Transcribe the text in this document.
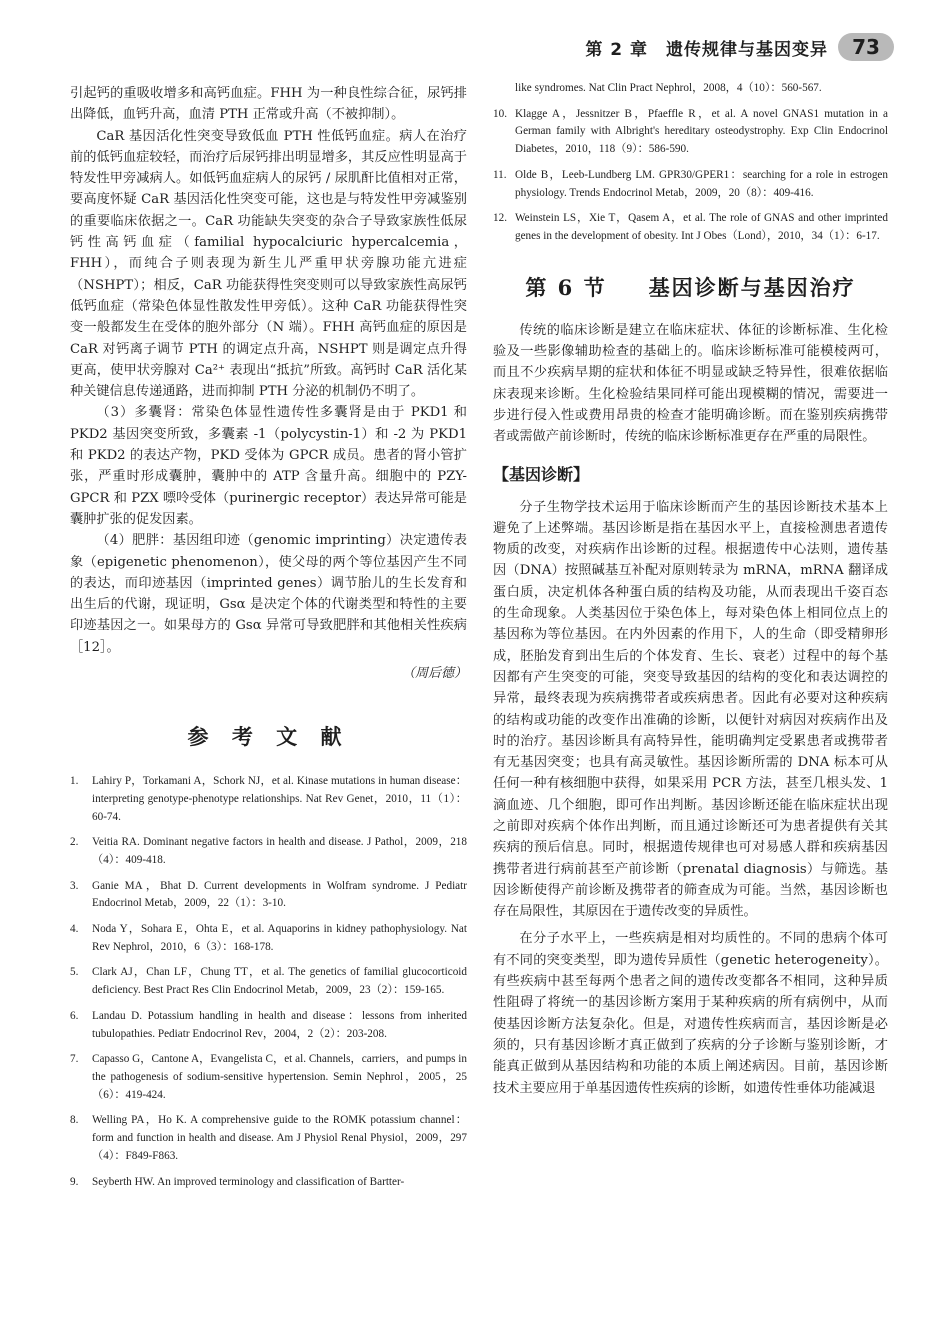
第 2 章　遗传规律与基因变异	73

引起钙的重吸收增多和高钙血症。FHH 为一种良性综合征，尿钙排出降低，血钙升高，血清 PTH 正常或升高（不被抑制）。

CaR 基因活化性突变导致低血 PTH 性低钙血症。病人在治疗前的低钙血症较轻，而治疗后尿钙排出明显增多，其反应性明显高于特发性甲旁减病人。如低钙血症病人的尿钙 / 尿肌酐比值相对正常，要高度怀疑 CaR 基因活化性突变可能，这也是与特发性甲旁减鉴别的重要临床依据之一。CaR 功能缺失突变的杂合子导致家族性低尿钙性高钙血症（familial hypocalciuric hypercalcemia，FHH），而纯合子则表现为新生儿严重甲状旁腺功能亢进症（NSHPT）；相反，CaR 功能获得性突变则可以导致家族性高尿钙低钙血症（常染色体显性散发性甲旁低）。这种 CaR 功能获得性突变一般都发生在受体的胞外部分（N 端）。FHH 高钙血症的原因是 CaR 对钙离子调节 PTH 的调定点升高，NSHPT 则是调定点升得更高，使甲状旁腺对 Ca²⁺ 表现出“抵抗”所致。高钙时 CaR 活化某种关键信息传递通路，进而抑制 PTH 分泌的机制仍不明了。

（3）多囊肾：常染色体显性遗传性多囊肾是由于 PKD1 和 PKD2 基因突变所致，多囊素 -1（polycystin-1）和 -2 为 PKD1 和 PKD2 的表达产物，PKD 受体为 GPCR 成员。患者的肾小管扩张，严重时形成囊肿，囊肿中的 ATP 含量升高。细胞中的 PZY-GPCR 和 PZX 嘌呤受体（purinergic receptor）表达异常可能是囊肿扩张的促发因素。

（4）肥胖：基因组印迹（genomic imprinting）决定遗传表象（epigenetic phenomenon），使父母的两个等位基因产生不同的表达，而印迹基因（imprinted genes）调节胎儿的生长发育和出生后的代谢，现证明，Gsα 是决定个体的代谢类型和特性的主要印迹基因之一。如果母方的 Gsα 异常可导致肥胖和其他相关性疾病［12］。

（周后德）
参 考 文 献
1.	Lahiry P，Torkamani A，Schork NJ，et al. Kinase mutations in human disease：interpreting genotype-phenotype relationships. Nat Rev Genet，2010，11（1）：60-74.
2.	Veitia RA. Dominant negative factors in health and disease. J Pathol，2009，218（4）：409-418.
3.	Ganie MA，Bhat D. Current developments in Wolfram syndrome. J Pediatr Endocrinol Metab，2009，22（1）：3-10.
4.	Noda Y，Sohara E，Ohta E，et al. Aquaporins in kidney pathophysiology. Nat Rev Nephrol，2010，6（3）：168-178.
5.	Clark AJ，Chan LF，Chung TT，et al. The genetics of familial glucocorticoid deficiency. Best Pract Res Clin Endocrinol Metab，2009，23（2）：159-165.
6.	Landau D. Potassium handling in health and disease：lessons from inherited tubulopathies. Pediatr Endocrinol Rev，2004，2（2）：203-208.
7.	Capasso G，Cantone A，Evangelista C，et al. Channels，carriers，and pumps in the pathogenesis of sodium-sensitive hypertension. Semin Nephrol，2005，25（6）：419-424.
8.	Welling PA，Ho K. A comprehensive guide to the ROMK potassium channel：form and function in health and disease. Am J Physiol Renal Physiol，2009，297（4）：F849-F863.
9.	Seyberth HW. An improved terminology and classification of Bartter-
like syndromes. Nat Clin Pract Nephrol，2008，4（10）：560-567.
10. Klagge A，Jessnitzer B，Pfaeffle R，et al. A novel GNAS1 mutation in a German family with Albright's hereditary osteodystrophy. Exp Clin Endocrinol Diabetes，2010，118（9）：586-590.
11. Olde B，Leeb-Lundberg LM. GPR30/GPER1：searching for a role in estrogen physiology. Trends Endocrinol Metab，2009，20（8）：409-416.
12. Weinstein LS，Xie T，Qasem A，et al. The role of GNAS and other imprinted genes in the development of obesity. Int J Obes（Lond），2010，34（1）：6-17.
第 6 节　　 基因诊断与基因治疗

传统的临床诊断是建立在临床症状、体征的诊断标准、生化检验及一些影像辅助检查的基础上的。临床诊断标准可能模棱两可，而且不少疾病早期的症状和体征不明显或缺乏特异性，很难依据临床表现来诊断。生化检验结果同样可能出现模糊的情况，需要进一步进行侵入性或费用昂贵的检查才能明确诊断。而在鉴别疾病携带者或需做产前诊断时，传统的临床诊断标准更存在严重的局限性。

【基因诊断】

分子生物学技术运用于临床诊断而产生的基因诊断技术基本上避免了上述弊端。基因诊断是指在基因水平上，直接检测患者遗传物质的改变，对疾病作出诊断的过程。根据遗传中心法则，遗传基因（DNA）按照碱基互补配对原则转录为 mRNA，mRNA 翻译成蛋白质，决定机体各种蛋白质的结构及功能，从而表现出千姿百态的生命现象。人类基因位于染色体上，每对染色体上相同位点上的基因称为等位基因。在内外因素的作用下，人的生命（即受精卵形成，胚胎发育到出生后的个体发育、生长、衰老）过程中的每个基因都有产生突变的可能，突变导致基因的结构的变化和表达调控的异常，最终表现为疾病携带者或疾病患者。因此有必要对这种疾病的结构或功能的改变作出准确的诊断，以便针对病因对疾病作出及时的治疗。基因诊断具有高特异性，能明确判定受累患者或携带者有无基因突变；也具有高灵敏性。基因诊断所需的 DNA 标本可从任何一种有核细胞中获得，如果采用 PCR 方法，甚至几根头发、1 滴血迹、几个细胞，即可作出判断。基因诊断还能在临床症状出现之前即对疾病个体作出判断，而且通过诊断还可为患者提供有关其疾病的预后信息。同时，根据遗传规律也可对易感人群和疾病基因携带者进行病前甚至产前诊断（prenatal diagnosis）与筛选。基因诊断使得产前诊断及携带者的筛查成为可能。当然，基因诊断也存在局限性，其原因在于遗传改变的异质性。

在分子水平上，一些疾病是相对均质性的。不同的患病个体可有不同的突变类型，即为遗传异质性（genetic heterogeneity）。有些疾病中甚至每两个患者之间的遗传改变都各不相同，这种异质性阻碍了将统一的基因诊断方案用于某种疾病的所有病例中，从而使基因诊断方法复杂化。但是，对遗传性疾病而言，基因诊断是必须的，只有基因诊断才真正做到了疾病的分子诊断与鉴别诊断，才能真正做到从基因结构和功能的本质上阐述病因。目前，基因诊断技术主要应用于单基因遗传性疾病的诊断，如遗传性垂体功能减退
